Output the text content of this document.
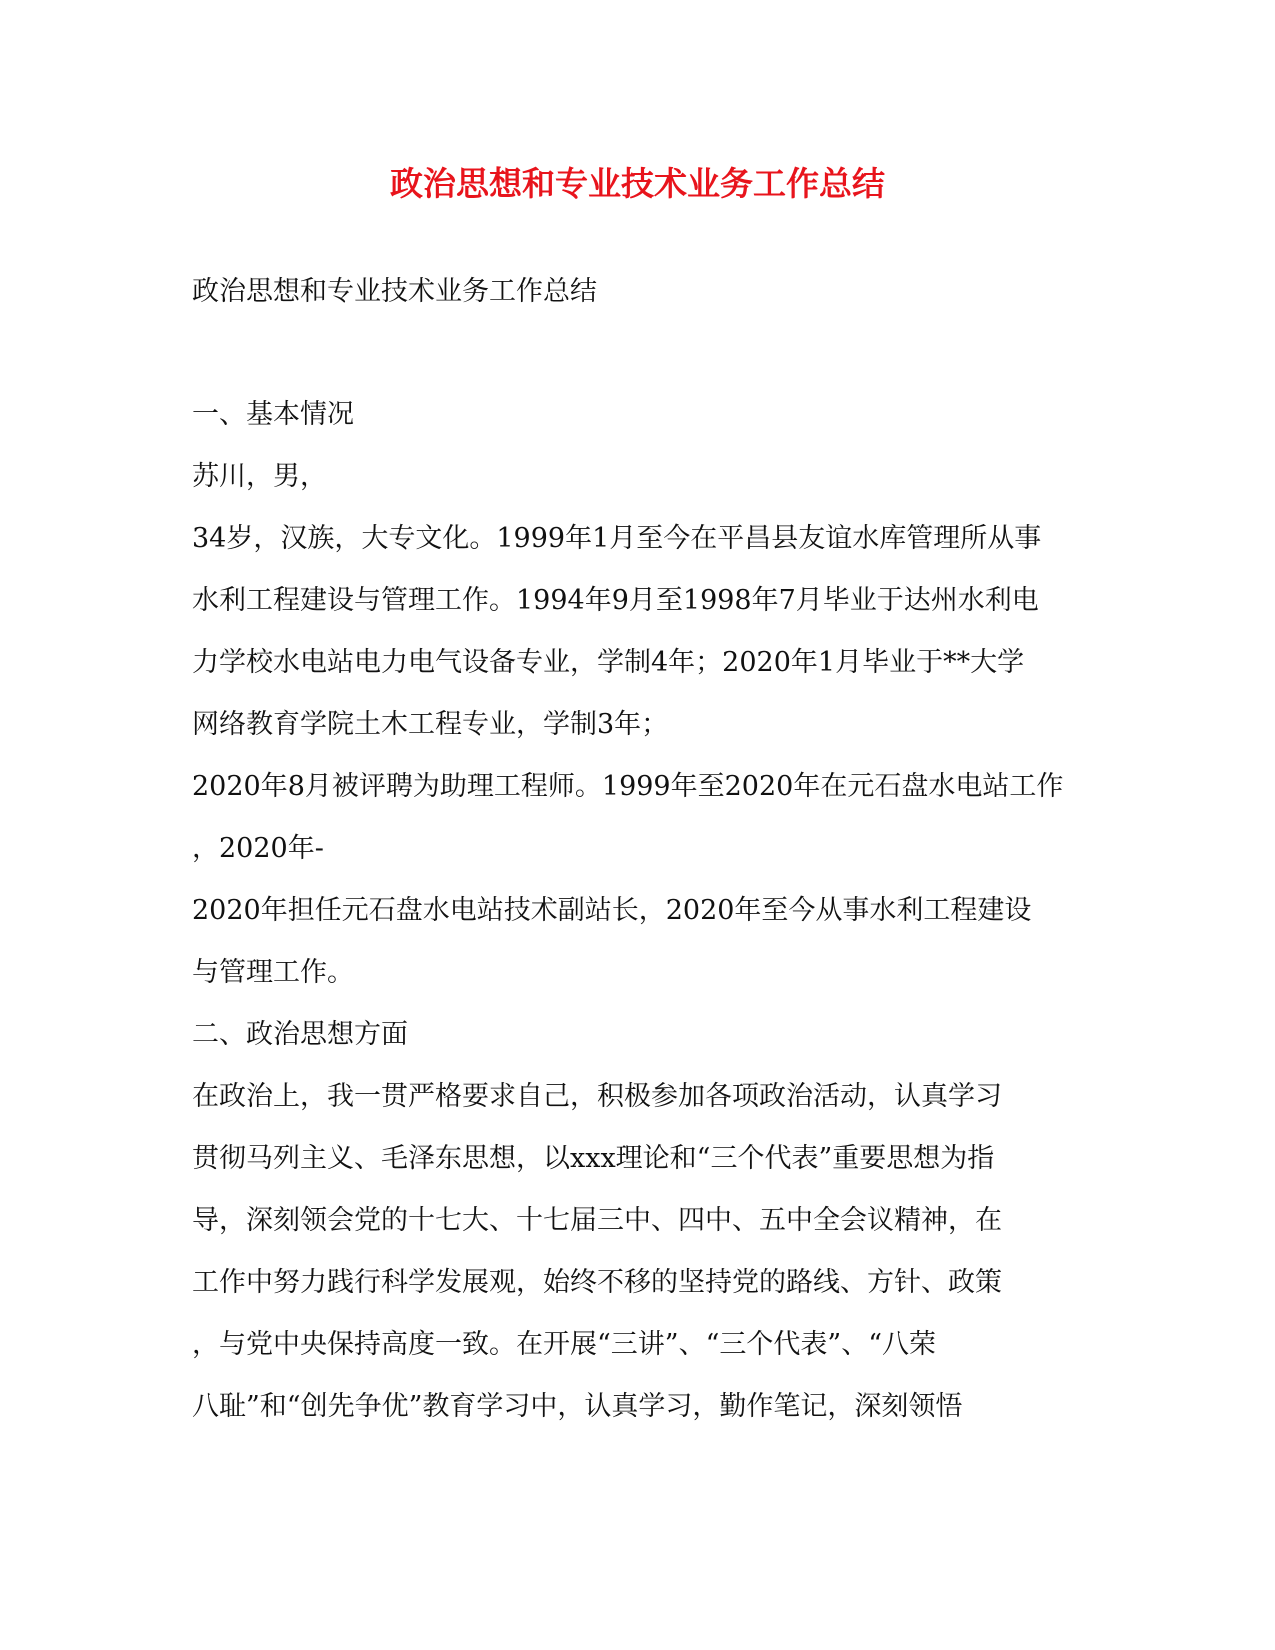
政治思想和专业技术业务工作总结
政治思想和专业技术业务工作总结
一、基本情况
苏川，男，
34岁，汉族，大专文化。1999年1月至今在平昌县友谊水库管理所从事
水利工程建设与管理工作。1994年9月至1998年7月毕业于达州水利电
力学校水电站电力电气设备专业，学制4年；2020年1月毕业于**大学
网络教育学院土木工程专业，学制3年；
2020年8月被评聘为助理工程师。1999年至2020年在元石盘水电站工作
，2020年-
2020年担任元石盘水电站技术副站长，2020年至今从事水利工程建设
与管理工作。
二、政治思想方面
在政治上，我一贯严格要求自己，积极参加各项政治活动，认真学习
贯彻马列主义、毛泽东思想，以xxx理论和“三个代表”重要思想为指
导，深刻领会党的十七大、十七届三中、四中、五中全会议精神，在
工作中努力践行科学发展观，始终不移的坚持党的路线、方针、政策
，与党中央保持高度一致。在开展“三讲”、“三个代表”、“八荣
八耻”和“创先争优”教育学习中，认真学习，勤作笔记，深刻领悟
